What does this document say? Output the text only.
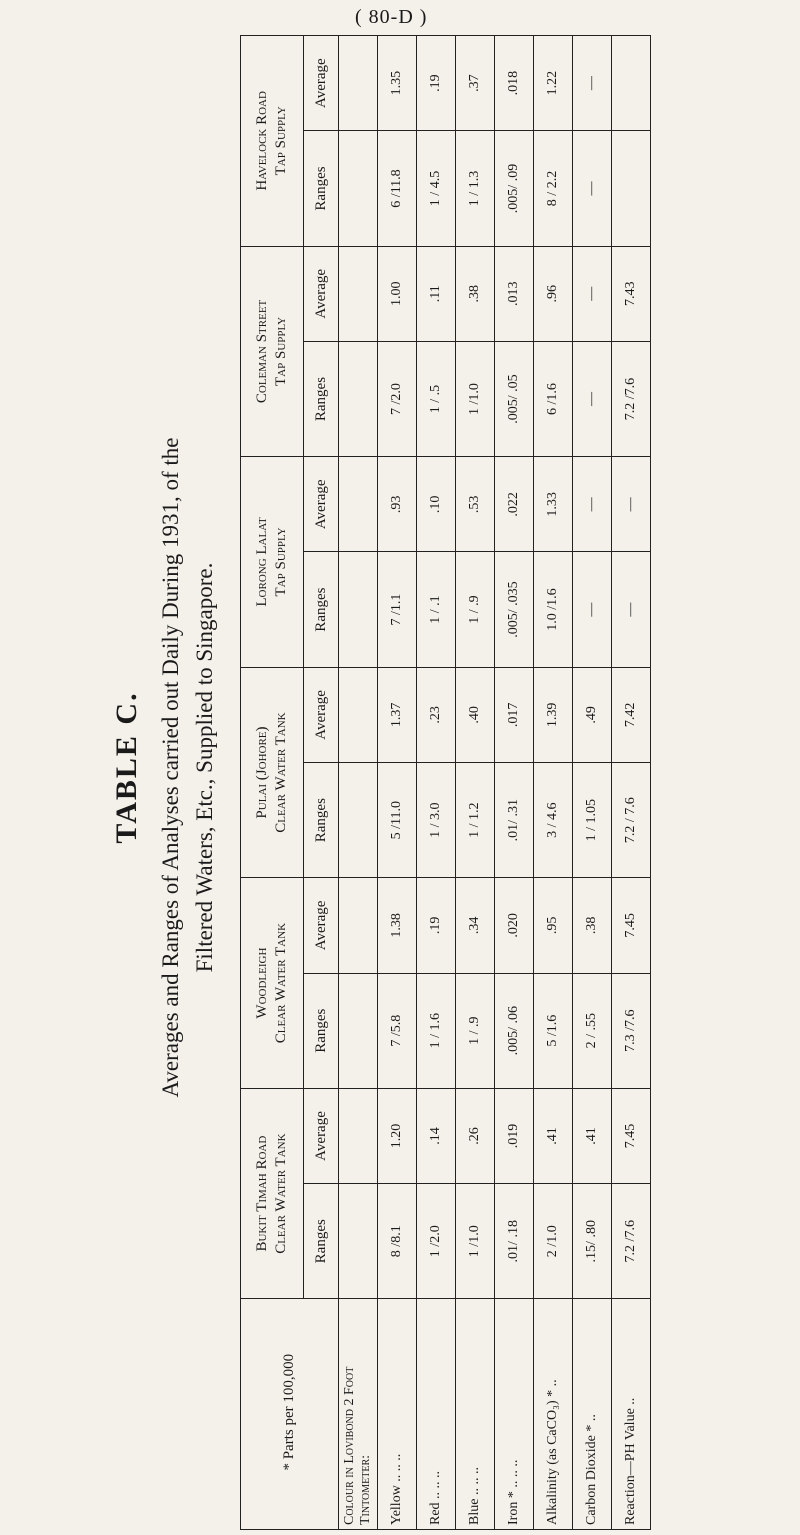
( 80-D )
TABLE C. Averages and Ranges of Analyses carried out Daily During 1931, of the Filtered Waters, Etc., Supplied to Singapore.
* Parts per 100,000	Bukit Timah Road Clear Water Tank		Woodleigh Clear Water Tank		Pulai (Johore) Clear Water Tank		Lorong Lalat Tap Supply		Coleman Street Tap Supply		Havelock Road Tap Supply	
	Ranges	Average	Ranges	Average	Ranges	Average	Ranges	Average	Ranges	Average	Ranges	Average
Colour in Lovibond 2 Foot
Tintometer:												
Yellow .. .. ..	8 /8.1	1.20	7 /5.8	1.38	5 /11.0	1.37	7 /1.1	.93	7 /2.0	1.00	6 /11.8	1.35
Red .. .. ..	1 /2.0	.14	1 / 1.6	.19	1 / 3.0	.23	1 / .1	.10	1 / .5	.11	1 / 4.5	.19
Blue .. .. ..	1 /1.0	.26	1 / .9	.34	1 / 1.2	.40	1 / .9	.53	1 /1.0	.38	1 / 1.3	.37
Iron * .. .. ..	.01/ .18	.019	.005/ .06	.020	.01/ .31	.017	.005/ .035	.022	.005/ .05	.013	.005/ .09	.018
Alkalinity (as CaCO₃) * ..	2 /1.0	.41	5 /1.6	.95	3 / 4.6	1.39	1.0 /1.6	1.33	6 /1.6	.96	8 / 2.2	1.22
Carbon Dioxide * ..	.15/ .80	.41	2 / .55	.38	1 / 1.05	.49	—	—	—	—	—	—
Reaction—PH Value ..	7.2 /7.6	7.45	7.3 /7.6	7.45	7.2 / 7.6	7.42	—	—	7.2 /7.6	7.43		
